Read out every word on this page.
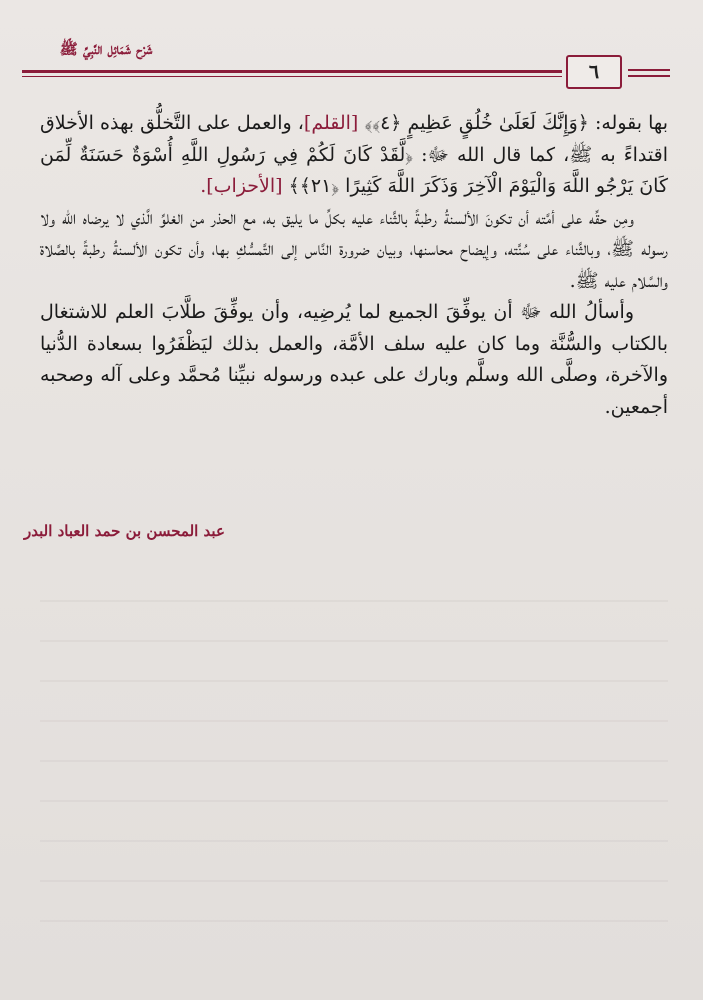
شَرْح شَمَائِل النَّبِيِّ ﷺ
٦

بها بقوله: ﴿وَإِنَّكَ لَعَلَىٰ خُلُقٍ عَظِيمٍ ﴿٤﴾﴾ [القلم]، والعمل على التَّخلُّق بهذه الأخلاق اقتداءً به ﷺ، كما قال الله ﷻ: ﴿لَّقَدْ كَانَ لَكُمْ فِي رَسُولِ اللَّهِ أُسْوَةٌ حَسَنَةٌ لِّمَن كَانَ يَرْجُو اللَّهَ وَالْيَوْمَ الْآخِرَ وَذَكَرَ اللَّهَ كَثِيرًا ﴿٢١﴾﴾ [الأحزاب].

ومِن حقِّه على أمَّته أن تكونَ الألسنةُ رطبةً بالثَّناء عليه بكلِّ ما يليق به، مع الحذر من الغلوِّ الَّذي لا يرضاه الله ولا رسوله ﷺ، وبالثَّناء على سُنَّته، وإيضاح محاسنها، وبيان ضرورة النَّاس إلى التَّمسُّكِ بها، وأن تكون الألسنةُ رطبةً بالصَّلاة والسَّلام عليه ﷺ.

وأسألُ الله ﷻ أن يوفِّقَ الجميع لما يُرضِيه، وأن يوفِّقَ طلَّابَ العلم للاشتغال بالكتاب والسُّنَّة وما كان عليه سلف الأمَّة، والعمل بذلك ليَظْفَرُوا بسعادة الدُّنيا والآخرة، وصلَّى الله وسلَّم وبارك على عبده ورسوله نبيِّنا مُحمَّد وعلى آله وصحبه أجمعين.

عبد المحسن بن حمد العباد البدر
